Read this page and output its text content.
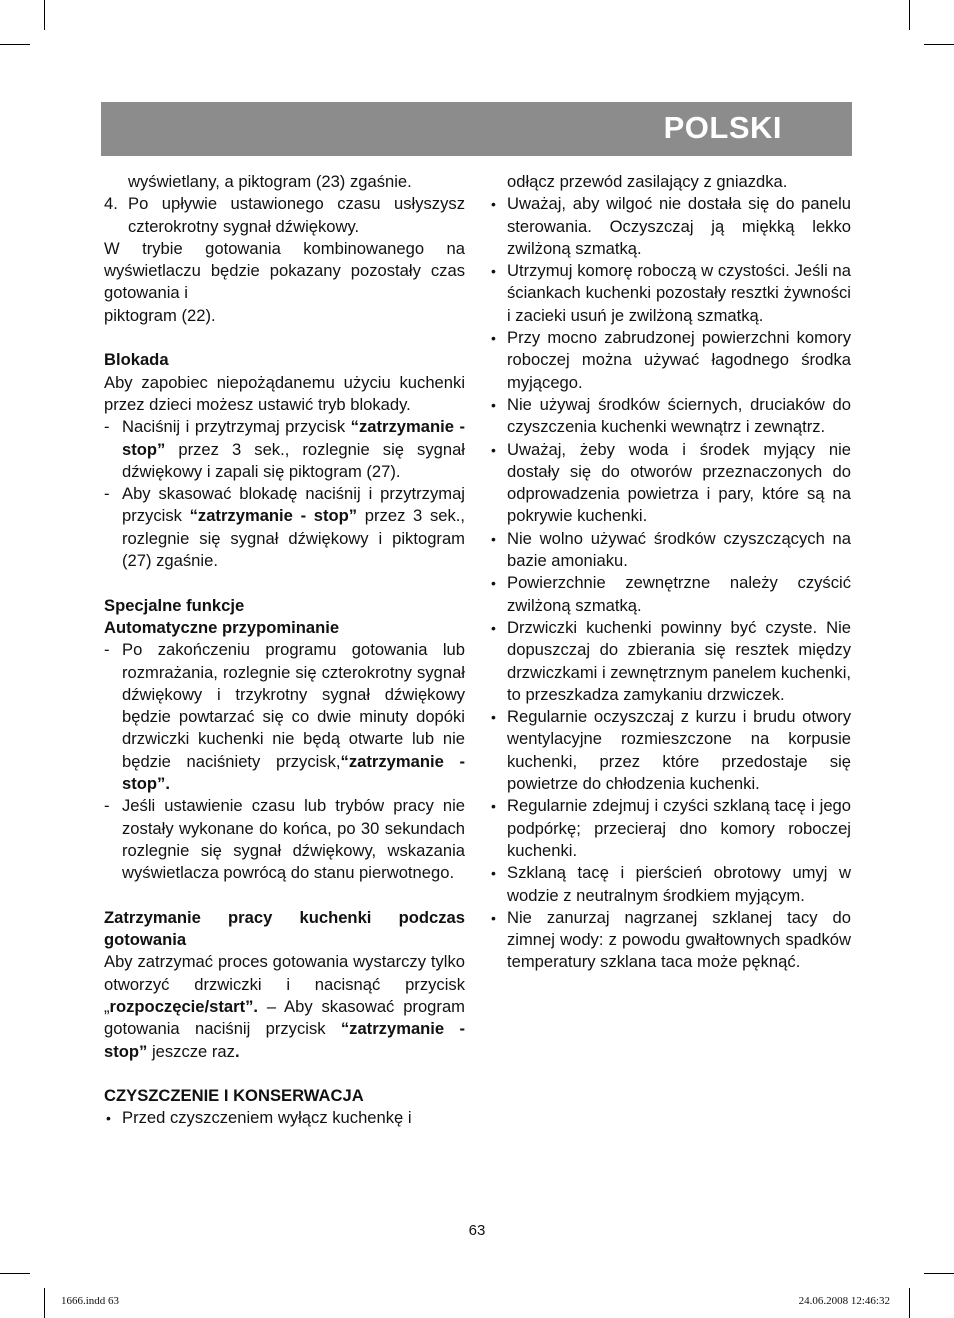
POLSKI

wyświetlany, a piktogram (23) zgaśnie.

4. Po upływie ustawionego czasu usłyszysz czterokrotny sygnał dźwiękowy.

W trybie gotowania kombinowanego na wyświetlaczu będzie pokazany pozostały czas gotowania i

piktogram (22).

Blokada

Aby zapobiec niepożądanemu użyciu kuchenki przez dzieci możesz ustawić tryb blokady.

- Naciśnij i przytrzymaj przycisk “zatrzymanie - stop” przez 3 sek., rozlegnie się sygnał dźwiękowy i zapali się piktogram (27).

- Aby skasować blokadę naciśnij i przytrzymaj przycisk “zatrzymanie - stop” przez 3 sek., rozlegnie się sygnał dźwiękowy i piktogram (27) zgaśnie.

Specjalne funkcje

Automatyczne przypominanie

- Po zakończeniu programu gotowania lub rozmrażania, rozlegnie się czterokrotny sygnał dźwiękowy i trzykrotny sygnał dźwiękowy będzie powtarzać się co dwie minuty dopóki drzwiczki kuchenki nie będą otwarte lub nie będzie naciśniety przycisk,“zatrzymanie - stop”.

- Jeśli ustawienie czasu lub trybów pracy nie zostały wykonane do końca, po 30 sekundach rozlegnie się sygnał dźwiękowy, wskazania wyświetlacza powrócą do stanu pierwotnego.

Zatrzymanie pracy kuchenki podczas gotowania

Aby zatrzymać proces gotowania wystarczy tylko otworzyć drzwiczki i nacisnąć przycisk „rozpoczęcie/start”. – Aby skasować program gotowania naciśnij przycisk “zatrzymanie - stop” jeszcze raz.

CZYSZCZENIE I KONSERWACJA

• Przed czyszczeniem wyłącz kuchenkę i

odłącz przewód zasilający z gniazdka.

• Uważaj, aby wilgoć nie dostała się do panelu sterowania. Oczyszczaj ją miękką lekko zwilżoną szmatką.

• Utrzymuj komorę roboczą w czystości. Jeśli na ściankach kuchenki pozostały resztki żywności i zacieki usuń je zwilżoną szmatką.

• Przy mocno zabrudzonej powierzchni komory roboczej można używać łagodnego środka myjącego.

• Nie używaj środków ściernych, druciaków do czyszczenia kuchenki wewnątrz i zewnątrz.

• Uważaj, żeby woda i środek myjący nie dostały się do otworów przeznaczonych do odprowadzenia powietrza i pary, które są na pokrywie kuchenki.

• Nie wolno używać środków czyszczących na bazie amoniaku.

• Powierzchnie zewnętrzne należy czyścić zwilżoną szmatką.

• Drzwiczki kuchenki powinny być czyste. Nie dopuszczaj do zbierania się resztek między drzwiczkami i zewnętrznym panelem kuchenki, to przeszkadza zamykaniu drzwiczek.

• Regularnie oczyszczaj z kurzu i brudu otwory wentylacyjne rozmieszczone na korpusie kuchenki, przez które przedostaje się powietrze do chłodzenia kuchenki.

• Regularnie zdejmuj i czyści szklaną tacę i jego podpórkę; przecieraj dno komory roboczej kuchenki.

• Szklaną tacę i pierścień obrotowy umyj w wodzie z neutralnym środkiem myjącym.

• Nie zanurzaj nagrzanej szklanej tacy do zimnej wody: z powodu gwałtownych spadków temperatury szklana taca może pęknąć.

63
1666.indd 63	24.06.2008 12:46:32
